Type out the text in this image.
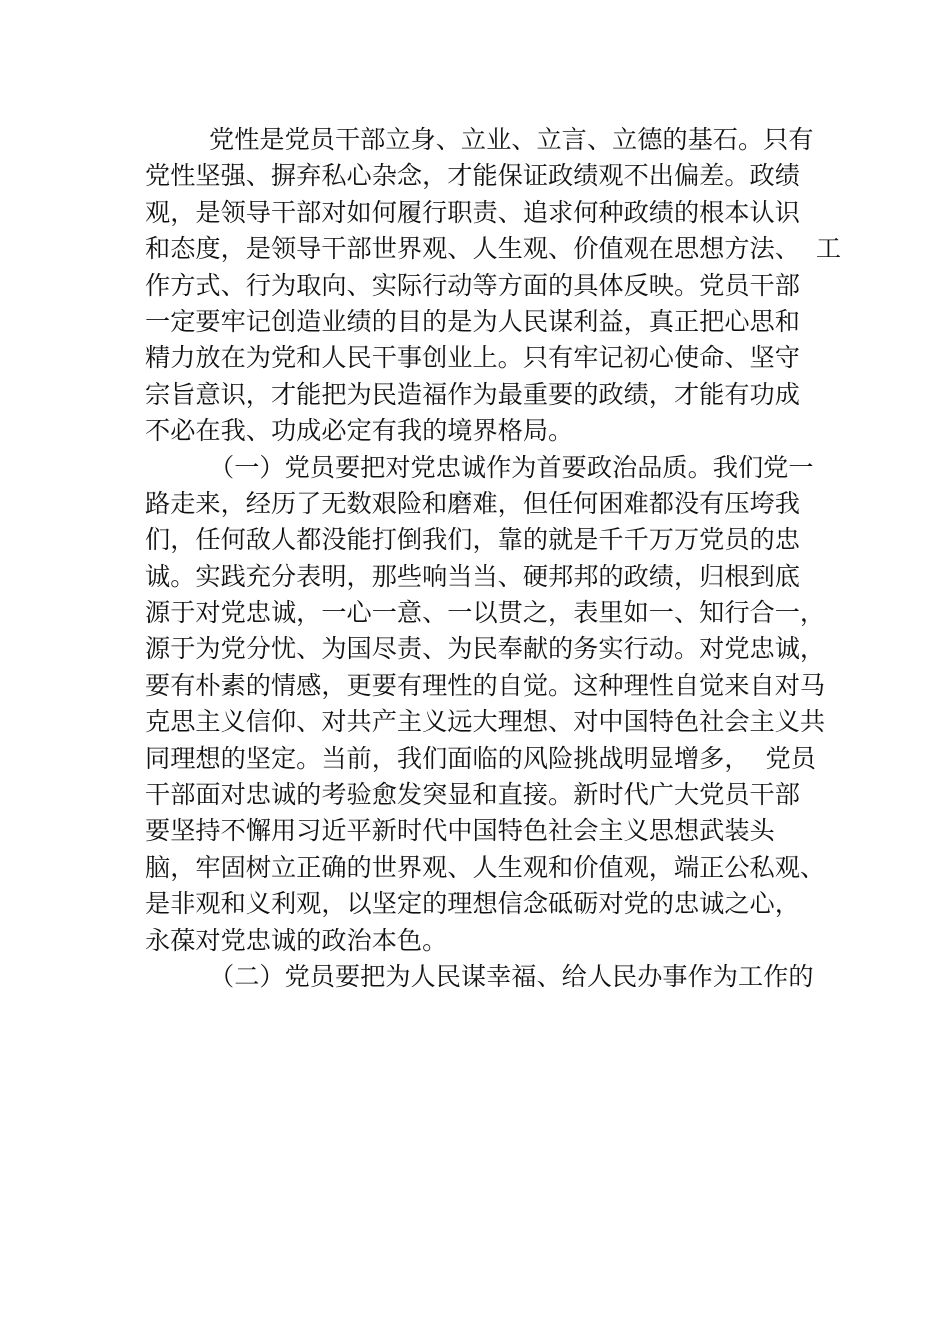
党性是党员干部立身、立业、立言、立德的基石。只有
党性坚强、摒弃私心杂念，才能保证政绩观不出偏差。政绩
观，是领导干部对如何履行职责、追求何种政绩的根本认识
和态度，是领导干部世界观、人生观、价值观在思想方法、  工
作方式、行为取向、实际行动等方面的具体反映。党员干部
一定要牢记创造业绩的目的是为人民谋利益，真正把心思和
精力放在为党和人民干事创业上。只有牢记初心使命、坚守
宗旨意识，才能把为民造福作为最重要的政绩，才能有功成
不必在我、功成必定有我的境界格局。
（一）党员要把对党忠诚作为首要政治品质。我们党一
路走来，经历了无数艰险和磨难，但任何困难都没有压垮我
们，任何敌人都没能打倒我们，靠的就是千千万万党员的忠
诚。实践充分表明，那些响当当、硬邦邦的政绩，归根到底
源于对党忠诚，一心一意、一以贯之，表里如一、知行合一，
源于为党分忧、为国尽责、为民奉献的务实行动。对党忠诚，
要有朴素的情感，更要有理性的自觉。这种理性自觉来自对马
克思主义信仰、对共产主义远大理想、对中国特色社会主义共
同理想的坚定。当前，我们面临的风险挑战明显增多，  党员
干部面对忠诚的考验愈发突显和直接。新时代广大党员干部
要坚持不懈用习近平新时代中国特色社会主义思想武装头
脑，牢固树立正确的世界观、人生观和价值观，端正公私观、
是非观和义利观，以坚定的理想信念砥砺对党的忠诚之心，
永葆对党忠诚的政治本色。
（二）党员要把为人民谋幸福、给人民办事作为工作的
